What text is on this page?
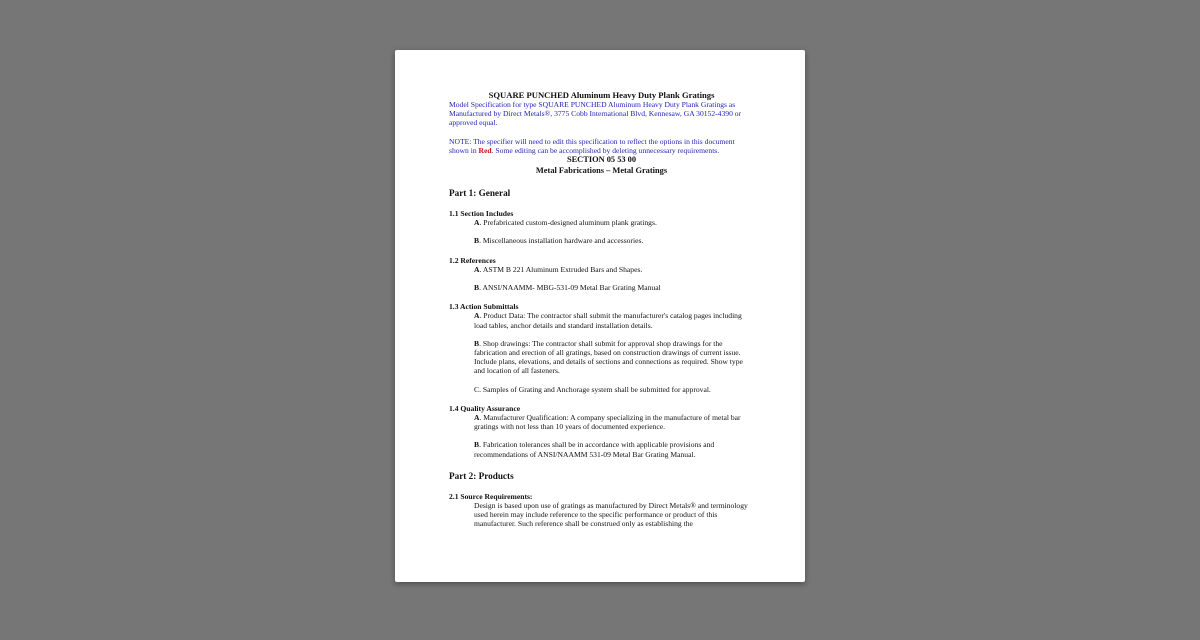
SQUARE PUNCHED Aluminum Heavy Duty Plank Gratings

Model Specification for type SQUARE PUNCHED Aluminum Heavy Duty Plank Gratings as Manufactured by Direct Metals®, 3775 Cobb International Blvd, Kennesaw, GA 30152-4390 or approved equal.

NOTE: The specifier will need to edit this specification to reflect the options in this document shown in Red. Some editing can be accomplished by deleting unnecessary requirements.

SECTION 05 53 00

Metal Fabrications – Metal Gratings

Part 1: General

1.1 Section Includes

A. Prefabricated custom-designed aluminum plank gratings.

B. Miscellaneous installation hardware and accessories.

1.2 References

A. ASTM B 221 Aluminum Extruded Bars and Shapes.

B. ANSI/NAAMM- MBG-531-09 Metal Bar Grating Manual

1.3 Action Submittals

A. Product Data: The contractor shall submit the manufacturer's catalog pages including load tables, anchor details and standard installation details.

B. Shop drawings: The contractor shall submit for approval shop drawings for the fabrication and erection of all gratings, based on construction drawings of current issue. Include plans, elevations, and details of sections and connections as required. Show type and location of all fasteners.

C. Samples of Grating and Anchorage system shall be submitted for approval.

1.4 Quality Assurance

A. Manufacturer Qualification: A company specializing in the manufacture of metal bar gratings with not less than 10 years of documented experience.

B. Fabrication tolerances shall be in accordance with applicable provisions and recommendations of ANSI/NAAMM 531-09 Metal Bar Grating Manual.

Part 2: Products

2.1 Source Requirements:

Design is based upon use of gratings as manufactured by Direct Metals® and terminology used herein may include reference to the specific performance or product of this manufacturer. Such reference shall be construed only as establishing the
